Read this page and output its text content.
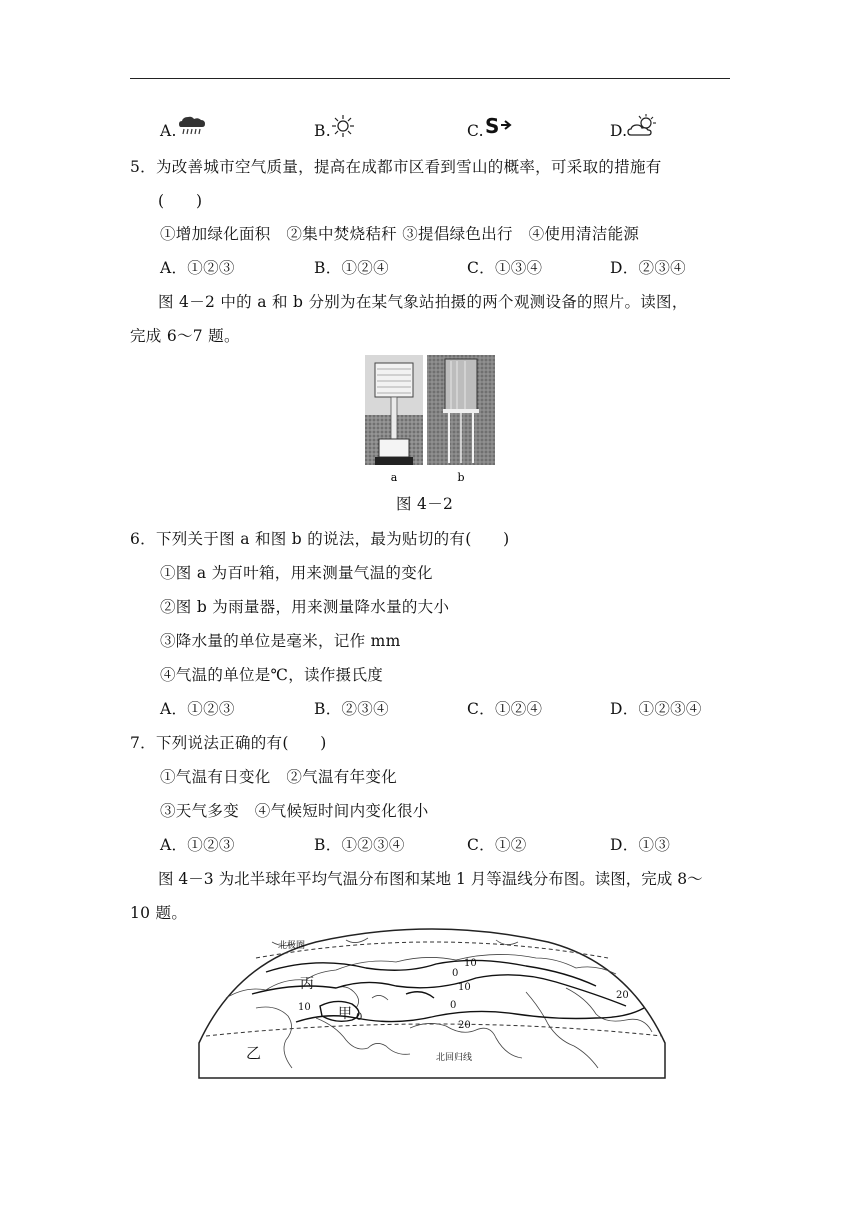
A.	B.	C. S	D.
5．为改善城市空气质量，提高在成都市区看到雪山的概率，可采取的措施有
(　　)
①增加绿化面积　②集中焚烧秸秆 ③提倡绿色出行　④使用清洁能源
A．①②③	B．①②④	C．①③④	D．②③④
图 4－2 中的 a 和 b 分别为在某气象站拍摄的两个观测设备的照片。读图，
完成 6～7 题。
a	b
图 4－2
6．下列关于图 a 和图 b 的说法，最为贴切的有(　　)
①图 a 为百叶箱，用来测量气温的变化
②图 b 为雨量器，用来测量降水量的大小
③降水量的单位是毫米，记作 mm
④气温的单位是℃，读作摄氏度
A．①②③	B．②③④	C．①②④	D．①②③④
7．下列说法正确的有(　　)
①气温有日变化　②气温有年变化
③天气多变　④气候短时间内变化很小
A．①②③	B．①②③④	C．①②	D．①③
图 4－3 为北半球年平均气温分布图和某地 1 月等温线分布图。读图，完成 8～
10 题。
10
0
10
10
0
0
20
20
北极圈
北回归线
丙
甲
乙
